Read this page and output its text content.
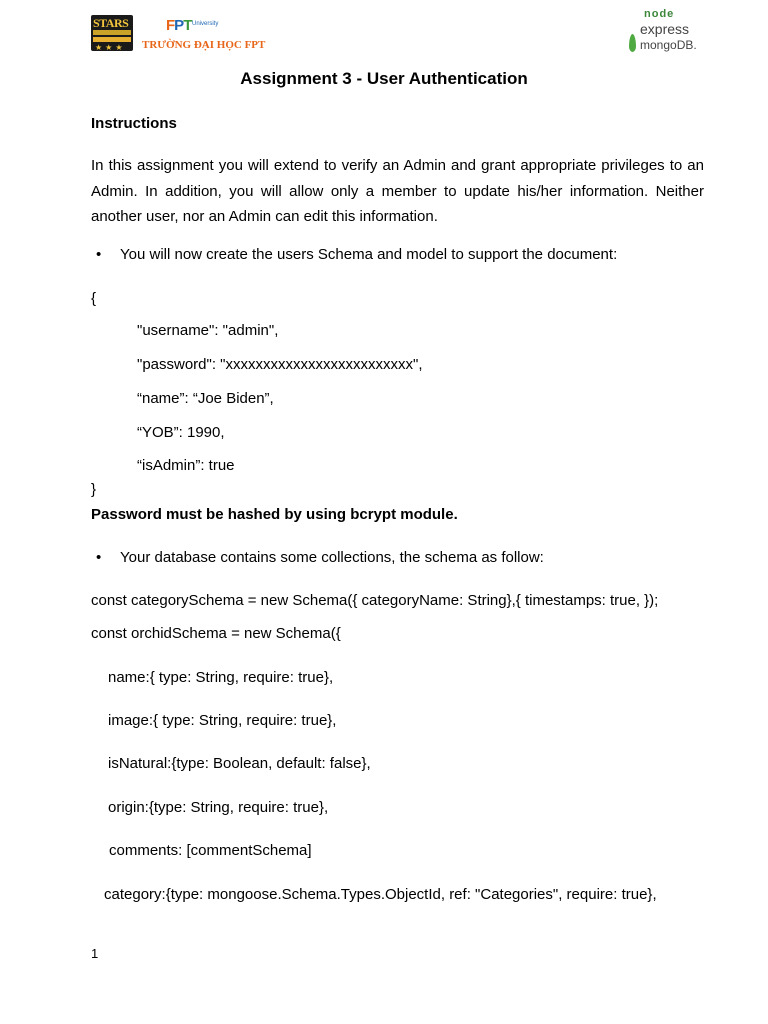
STARS
★★★
FPT University
TRƯỜNG ĐẠI HỌC FPT
node
express
mongoDB.
Assignment 3 - User Authentication
Instructions
In this assignment you will extend to verify an Admin and grant appropriate privileges to an Admin. In addition, you will allow only a member to update his/her information. Neither another user, nor an Admin can edit this information.
• You will now create the users Schema and model to support the document:
{
"username": "admin",
"password": "xxxxxxxxxxxxxxxxxxxxxxxxx",
“name”: “Joe Biden”,
“YOB”: 1990,
“isAdmin”: true
}
Password must be hashed by using bcrypt module.
• Your database contains some collections, the schema as follow:
const categorySchema = new Schema({ categoryName: String},{ timestamps: true, });
const orchidSchema = new Schema({
name:{ type: String, require: true},
image:{ type: String, require: true},
isNatural:{type: Boolean, default: false},
origin:{type: String, require: true},
comments: [commentSchema]
category:{type: mongoose.Schema.Types.ObjectId, ref: "Categories", require: true},
1
